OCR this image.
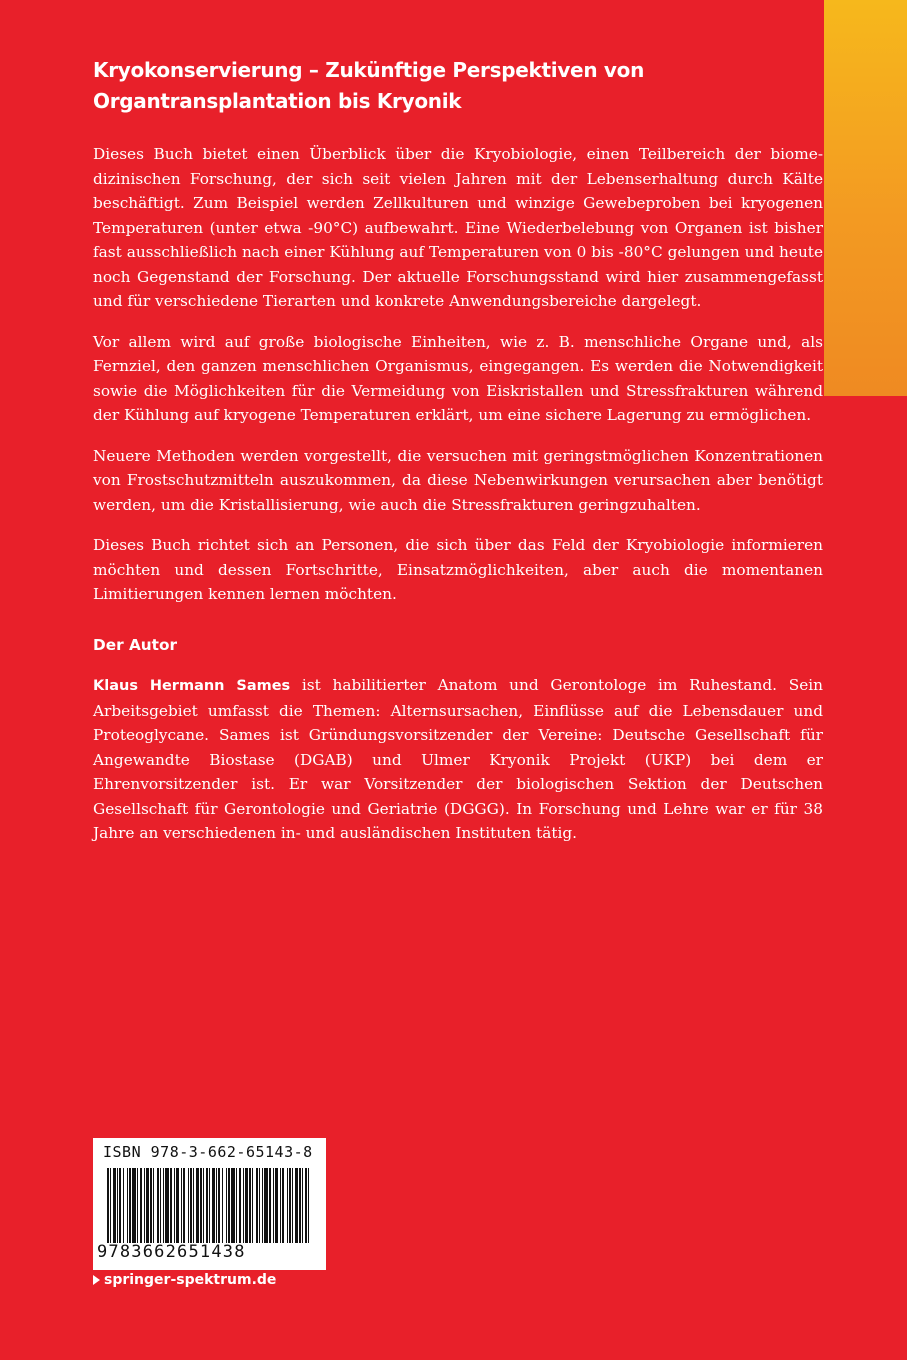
Kryokonservierung – Zukünftige Perspektiven von
Organtransplantation bis Kryonik

Dieses Buch bietet einen Überblick über die Kryobiologie, einen Teilbereich der biomedizinischen Forschung, der sich seit vielen Jahren mit der Lebenserhaltung durch Kälte beschäftigt. Zum Beispiel werden Zellkulturen und winzige Gewebeproben bei kryogenen Temperaturen (unter etwa -90°C) aufbewahrt. Eine Wiederbelebung von Organen ist bisher fast ausschließlich nach einer Kühlung auf Temperaturen von 0 bis -80°C gelungen und heute noch Gegenstand der Forschung. Der aktuelle Forschungsstand wird hier zusammengefasst und für verschiedene Tierarten und konkrete Anwendungsbereiche dargelegt.

Vor allem wird auf große biologische Einheiten, wie z. B. menschliche Organe und, als Fernziel, den ganzen menschlichen Organismus, eingegangen. Es werden die Notwendigkeit sowie die Möglichkeiten für die Vermeidung von Eiskristallen und Stressfrakturen während der Kühlung auf kryogene Temperaturen erklärt, um eine sichere Lagerung zu ermöglichen.

Neuere Methoden werden vorgestellt, die versuchen mit geringstmöglichen Konzentrationen von Frostschutzmitteln auszukommen, da diese Nebenwirkungen verursachen aber benötigt werden, um die Kristallisierung, wie auch die Stressfrakturen geringzuhalten.

Dieses Buch richtet sich an Personen, die sich über das Feld der Kryobiologie informieren möchten und dessen Fortschritte, Einsatzmöglichkeiten, aber auch die momentanen Limitierungen kennen lernen möchten.

Der Autor

Klaus Hermann Sames ist habilitierter Anatom und Gerontologe im Ruhestand. Sein Arbeitsgebiet umfasst die Themen: Alternsursachen, Einflüsse auf die Lebensdauer und Proteoglycane. Sames ist Gründungsvorsitzender der Vereine: Deutsche Gesellschaft für Angewandte Biostase (DGAB) und Ulmer Kryonik Projekt (UKP) bei dem er Ehrenvorsitzender ist. Er war Vorsitzender der biologischen Sektion der Deutschen Gesellschaft für Gerontologie und Geriatrie (DGGG). In Forschung und Lehre war er für 38 Jahre an verschiedenen in- und ausländischen Instituten tätig.

ISBN 978-3-662-65143-8
9783662651438
springer-spektrum.de
